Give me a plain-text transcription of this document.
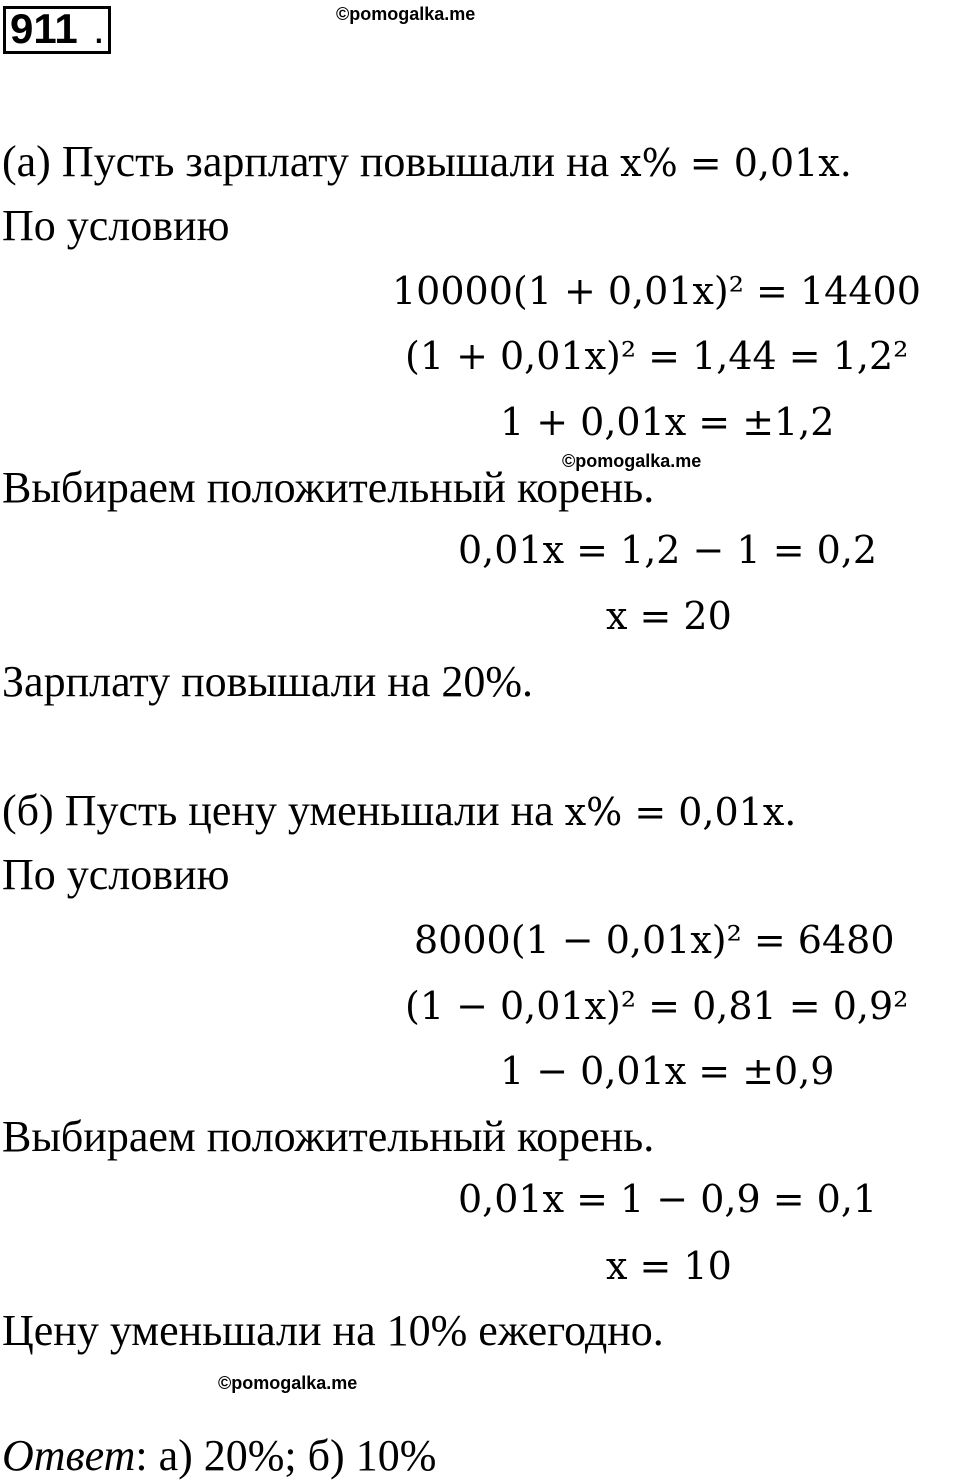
911 .	©pomogalka.me
(а) Пусть зарплату повышали на x% = 0,01x.
По условию
10000(1 + 0,01x)² = 14400
(1 + 0,01x)² = 1,44 = 1,2²
1 + 0,01x = ±1,2
©pomogalka.me
Выбираем положительный корень.
0,01x = 1,2 − 1 = 0,2
x = 20
Зарплату повышали на 20%.
(б) Пусть цену уменьшали на x% = 0,01x.
По условию
8000(1 − 0,01x)² = 6480
(1 − 0,01x)² = 0,81 = 0,9²
1 − 0,01x = ±0,9
Выбираем положительный корень.
0,01x = 1 − 0,9 = 0,1
x = 10
Цену уменьшали на 10% ежегодно.
©pomogalka.me
Ответ: а) 20%; б) 10%
